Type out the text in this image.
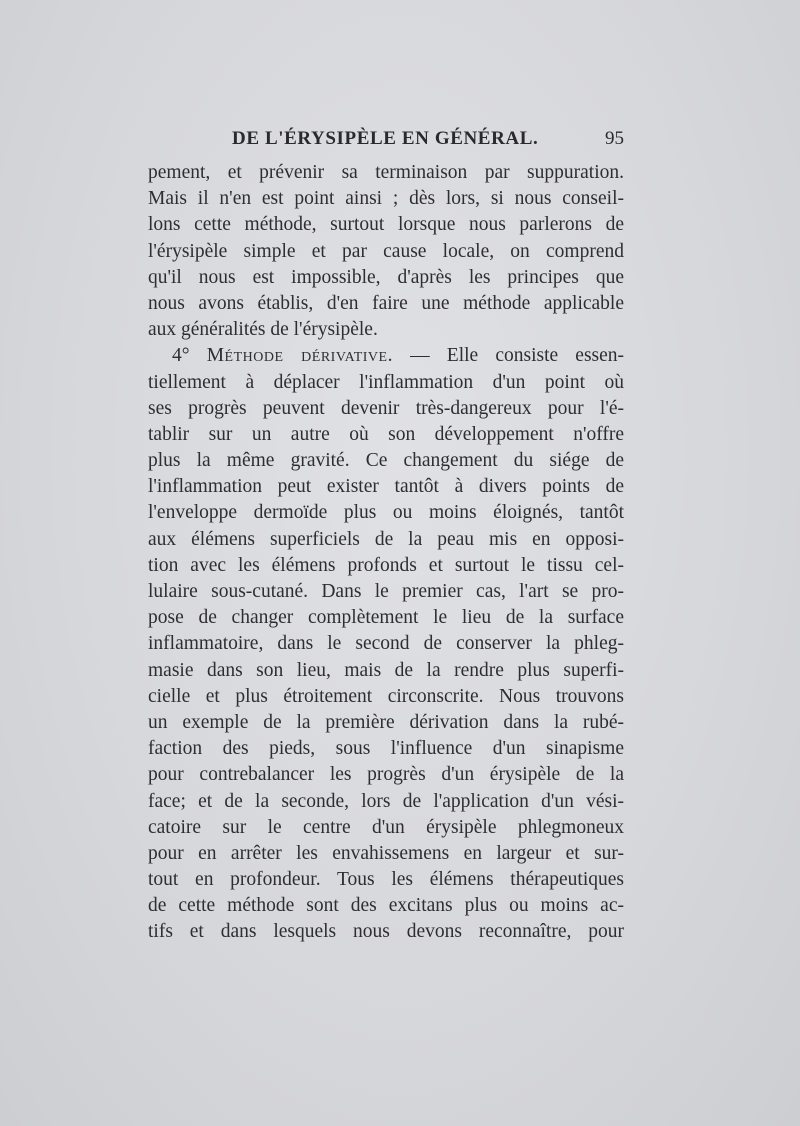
DE L'ÉRYSIPÈLE EN GÉNÉRAL.	95
pement, et prévenir sa terminaison par suppuration.
Mais il n'en est point ainsi ; dès lors, si nous conseil-
lons cette méthode, surtout lorsque nous parlerons de
l'érysipèle simple et par cause locale, on comprend
qu'il nous est impossible, d'après les principes que
nous avons établis, d'en faire une méthode applicable
aux généralités de l'érysipèle.
4° Méthode dérivative. — Elle consiste essen-
tiellement à déplacer l'inflammation d'un point où
ses progrès peuvent devenir très-dangereux pour l'é-
tablir sur un autre où son développement n'offre
plus la même gravité. Ce changement du siége de
l'inflammation peut exister tantôt à divers points de
l'enveloppe dermoïde plus ou moins éloignés, tantôt
aux élémens superficiels de la peau mis en opposi-
tion avec les élémens profonds et surtout le tissu cel-
lulaire sous-cutané. Dans le premier cas, l'art se pro-
pose de changer complètement le lieu de la surface
inflammatoire, dans le second de conserver la phleg-
masie dans son lieu, mais de la rendre plus superfi-
cielle et plus étroitement circonscrite. Nous trouvons
un exemple de la première dérivation dans la rubé-
faction des pieds, sous l'influence d'un sinapisme
pour contrebalancer les progrès d'un érysipèle de la
face; et de la seconde, lors de l'application d'un vési-
catoire sur le centre d'un érysipèle phlegmoneux
pour en arrêter les envahissemens en largeur et sur-
tout en profondeur. Tous les élémens thérapeutiques
de cette méthode sont des excitans plus ou moins ac-
tifs et dans lesquels nous devons reconnaître, pour
